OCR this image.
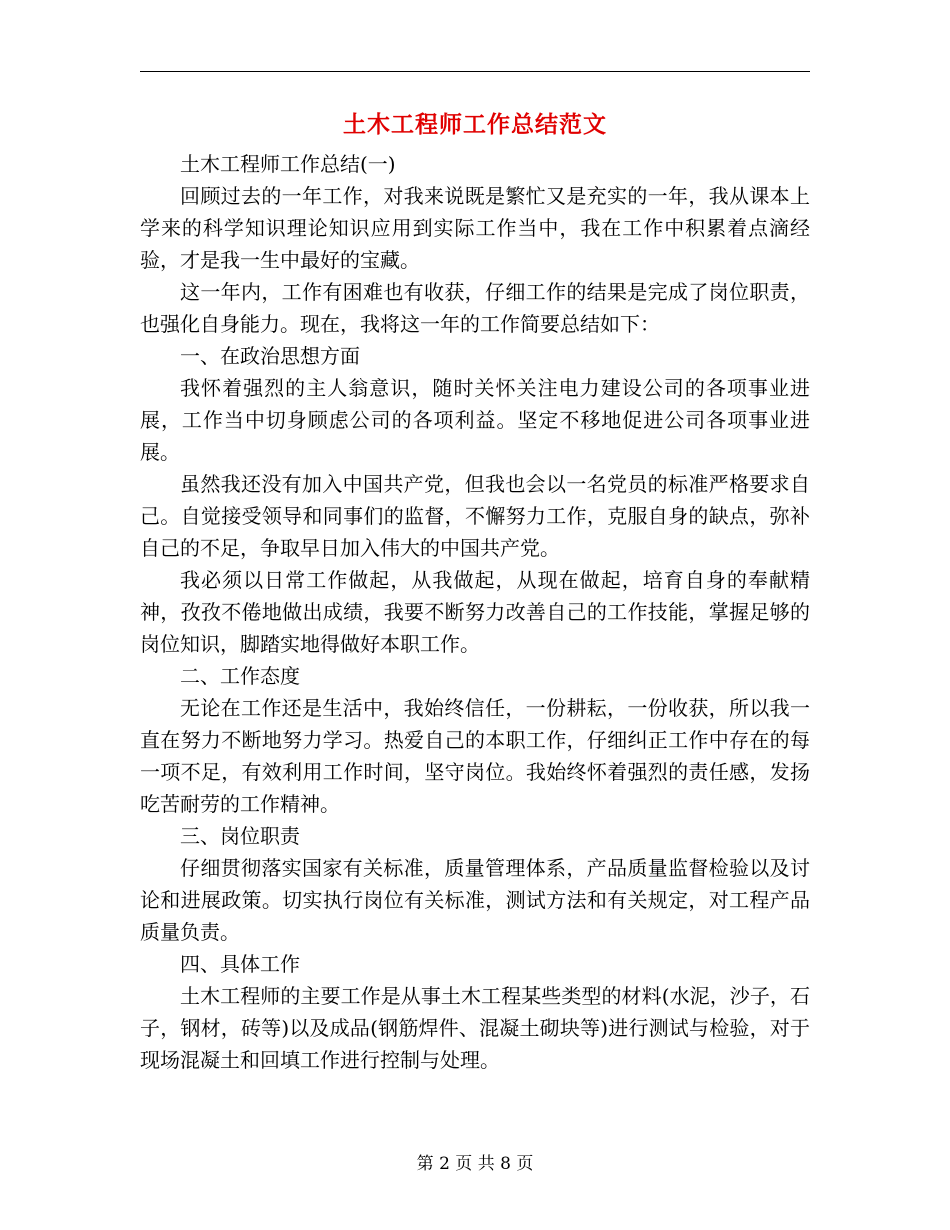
土木工程师工作总结范文

土木工程师工作总结(一)

回顾过去的一年工作，对我来说既是繁忙又是充实的一年，我从课本上学来的科学知识理论知识应用到实际工作当中，我在工作中积累着点滴经验，才是我一生中最好的宝藏。

这一年内，工作有困难也有收获，仔细工作的结果是完成了岗位职责，也强化自身能力。现在，我将这一年的工作简要总结如下：

一、在政治思想方面

我怀着强烈的主人翁意识，随时关怀关注电力建设公司的各项事业进展，工作当中切身顾虑公司的各项利益。坚定不移地促进公司各项事业进展。

虽然我还没有加入中国共产党，但我也会以一名党员的标准严格要求自己。自觉接受领导和同事们的监督，不懈努力工作，克服自身的缺点，弥补自己的不足，争取早日加入伟大的中国共产党。

我必须以日常工作做起，从我做起，从现在做起，培育自身的奉献精神，孜孜不倦地做出成绩，我要不断努力改善自己的工作技能，掌握足够的岗位知识，脚踏实地得做好本职工作。

二、工作态度

无论在工作还是生活中，我始终信任，一份耕耘，一份收获，所以我一直在努力不断地努力学习。热爱自己的本职工作，仔细纠正工作中存在的每一项不足，有效利用工作时间，坚守岗位。我始终怀着强烈的责任感，发扬吃苦耐劳的工作精神。

三、岗位职责

仔细贯彻落实国家有关标准，质量管理体系，产品质量监督检验以及讨论和进展政策。切实执行岗位有关标准，测试方法和有关规定，对工程产品质量负责。

四、具体工作

土木工程师的主要工作是从事土木工程某些类型的材料(水泥，沙子，石子，钢材，砖等)以及成品(钢筋焊件、混凝土砌块等)进行测试与检验，对于现场混凝土和回填工作进行控制与处理。

第 2 页 共 8 页
